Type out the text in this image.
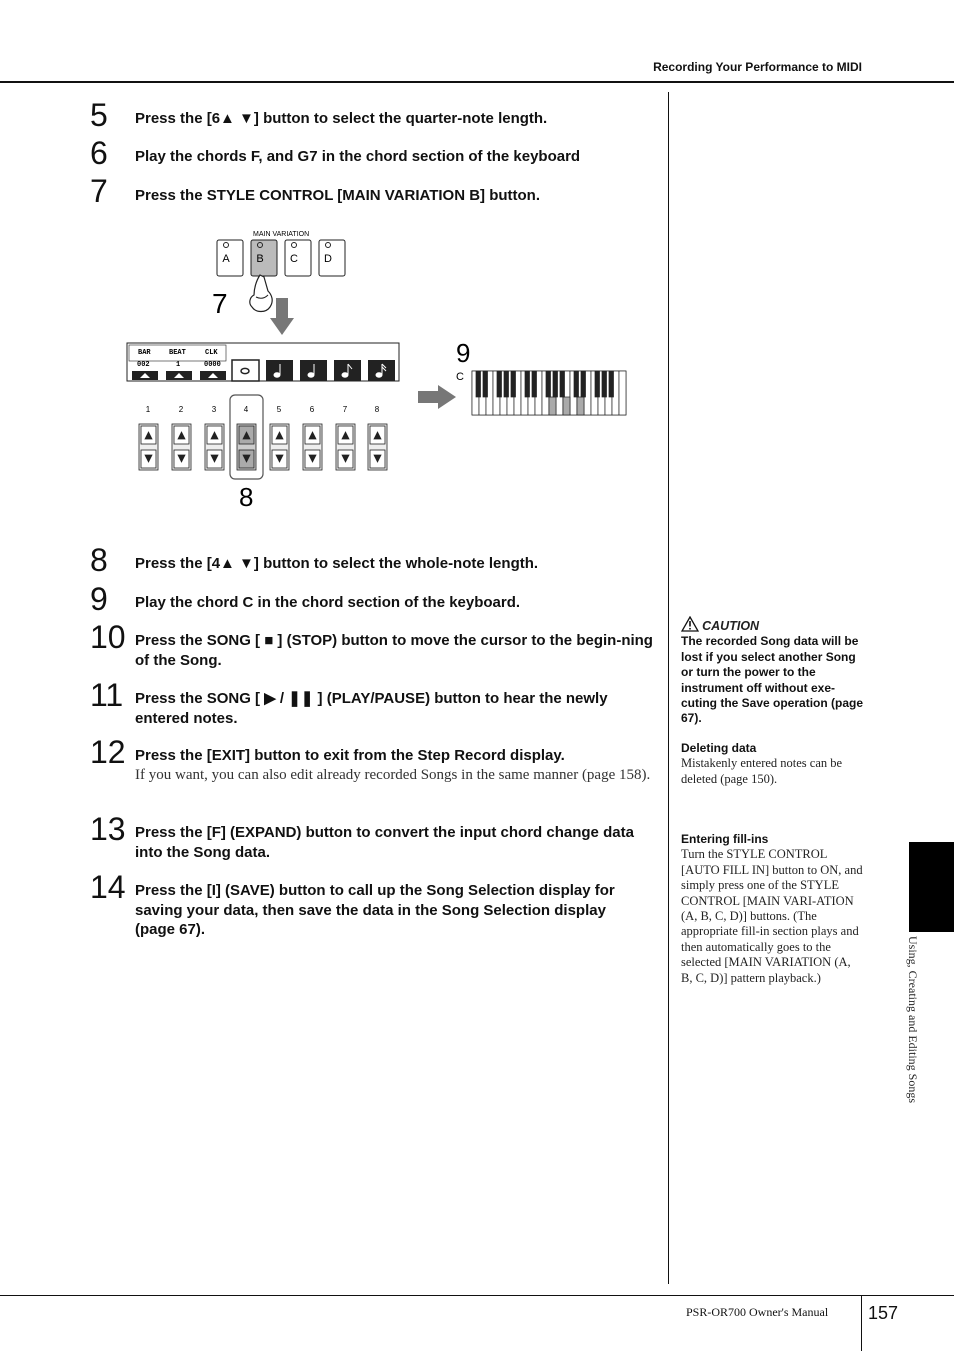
Recording Your Performance to MIDI
5 Press the [6▲ ▼] button to select the quarter-note length.
6 Play the chords F, and G7 in the chord section of the keyboard
7 Press the STYLE CONTROL [MAIN VARIATION B] button.
MAIN VARIATION
A B C D
7
BAR	BEAT	CLK
002	1	0000
1	2	3	4	5	6	7	8
8
9
C
8 Press the [4▲ ▼] button to select the whole-note length.
9 Play the chord C in the chord section of the keyboard.
10 Press the SONG [ ■ ] (STOP) button to move the cursor to the begin-ning of the Song.
11 Press the SONG [ ▶ / ❚❚ ] (PLAY/PAUSE) button to hear the newly entered notes.
12 Press the [EXIT] button to exit from the Step Record display.
If you want, you can also edit already recorded Songs in the same manner (page 158).
13 Press the [F] (EXPAND) button to convert the input chord change data into the Song data.
14 Press the [I] (SAVE) button to call up the Song Selection display for saving your data, then save the data in the Song Selection display (page 67).
CAUTION
The recorded Song data will be lost if you select another Song or turn the power to the instrument off without exe-cuting the Save operation (page 67).
Deleting data
Mistakenly entered notes can be deleted (page 150).
Entering fill-ins
Turn the STYLE CONTROL [AUTO FILL IN] button to ON, and simply press one of the STYLE CONTROL [MAIN VARI-ATION (A, B, C, D)] buttons. (The appropriate fill-in section plays and then automatically goes to the selected [MAIN VARIATION (A, B, C, D)] pattern playback.)	Using, Creating and Editing Songs
PSR-OR700 Owner's Manual 157
